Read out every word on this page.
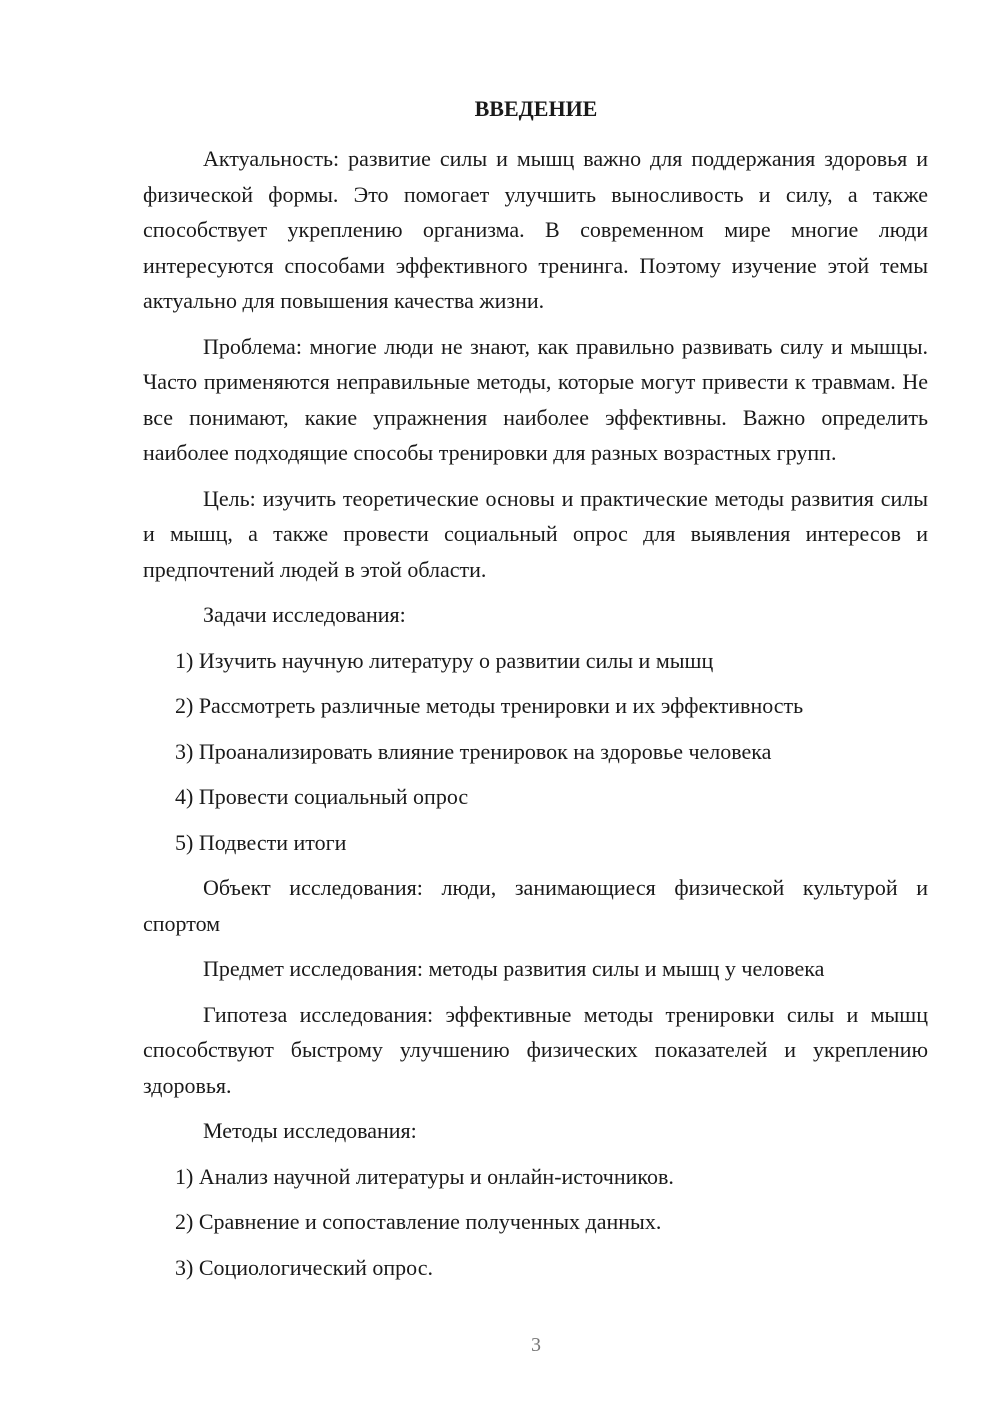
ВВЕДЕНИЕ

Актуальность: развитие силы и мышц важно для поддержания здоровья и физической формы. Это помогает улучшить выносливость и силу, а также способствует укреплению организма. В современном мире многие люди интересуются способами эффективного тренинга. Поэтому изучение этой темы актуально для повышения качества жизни.

Проблема: многие люди не знают, как правильно развивать силу и мышцы. Часто применяются неправильные методы, которые могут привести к травмам. Не все понимают, какие упражнения наиболее эффективны. Важно определить наиболее подходящие способы тренировки для разных возрастных групп.

Цель: изучить теоретические основы и практические методы развития силы и мышц, а также провести социальный опрос для выявления интересов и предпочтений людей в этой области.

Задачи исследования:

1) Изучить научную литературу о развитии силы и мышц

2) Рассмотреть различные методы тренировки и их эффективность

3) Проанализировать влияние тренировок на здоровье человека

4) Провести социальный опрос

5) Подвести итоги

Объект исследования: люди, занимающиеся физической культурой и спортом

Предмет исследования: методы развития силы и мышц у человека

Гипотеза исследования: эффективные методы тренировки силы и мышц способствуют быстрому улучшению физических показателей и укреплению здоровья.

Методы исследования:

1) Анализ научной литературы и онлайн-источников.

2) Сравнение и сопоставление полученных данных.

3) Социологический опрос.

3
